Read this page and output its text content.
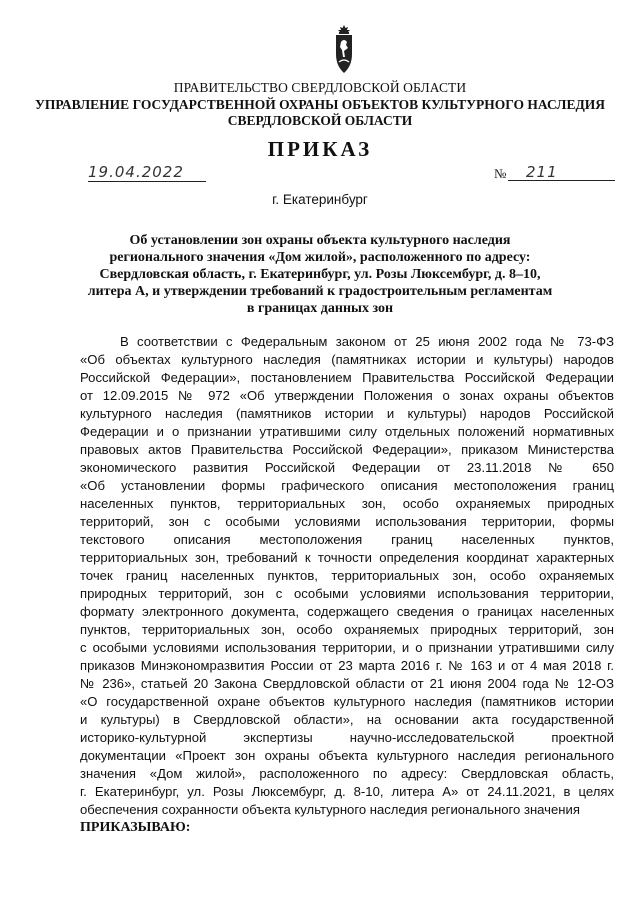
ПРАВИТЕЛЬСТВО СВЕРДЛОВСКОЙ ОБЛАСТИ
УПРАВЛЕНИЕ ГОСУДАРСТВЕННОЙ ОХРАНЫ ОБЪЕКТОВ КУЛЬТУРНОГО НАСЛЕДИЯ
СВЕРДЛОВСКОЙ ОБЛАСТИ
ПРИКАЗ
19.04.2022	№	211
г. Екатеринбург
Об установлении зон охраны объекта культурного наследия
регионального значения «Дом жилой», расположенного по адресу:
Свердловская область, г. Екатеринбург, ул. Розы Люксембург, д. 8–10,
литера А, и утверждении требований к градостроительным регламентам
в границах данных зон
В соответствии с Федеральным законом от 25 июня 2002 года № 73-ФЗ
«Об объектах культурного наследия (памятниках истории и культуры) народов
Российской Федерации», постановлением Правительства Российской Федерации
от 12.09.2015 № 972 «Об утверждении Положения о зонах охраны объектов
культурного наследия (памятников истории и культуры) народов Российской
Федерации и о признании утратившими силу отдельных положений нормативных
правовых актов Правительства Российской Федерации», приказом Министерства
экономического развития Российской Федерации от 23.11.2018 № 650
«Об установлении формы графического описания местоположения границ
населенных пунктов, территориальных зон, особо охраняемых природных
территорий, зон с особыми условиями использования территории, формы
текстового описания местоположения границ населенных пунктов,
территориальных зон, требований к точности определения координат характерных
точек границ населенных пунктов, территориальных зон, особо охраняемых
природных территорий, зон с особыми условиями использования территории,
формату электронного документа, содержащего сведения о границах населенных
пунктов, территориальных зон, особо охраняемых природных территорий, зон
с особыми условиями использования территории, и о признании утратившими силу
приказов Минэкономразвития России от 23 марта 2016 г. № 163 и от 4 мая 2018 г.
№ 236», статьей 20 Закона Свердловской области от 21 июня 2004 года № 12-ОЗ
«О государственной охране объектов культурного наследия (памятников истории
и культуры) в Свердловской области», на основании акта государственной
историко-культурной экспертизы научно-исследовательской проектной
документации «Проект зон охраны объекта культурного наследия регионального
значения «Дом жилой», расположенного по адресу: Свердловская область,
г. Екатеринбург, ул. Розы Люксембург, д. 8-10, литера А» от 24.11.2021, в целях
обеспечения сохранности объекта культурного наследия регионального значения
ПРИКАЗЫВАЮ:
